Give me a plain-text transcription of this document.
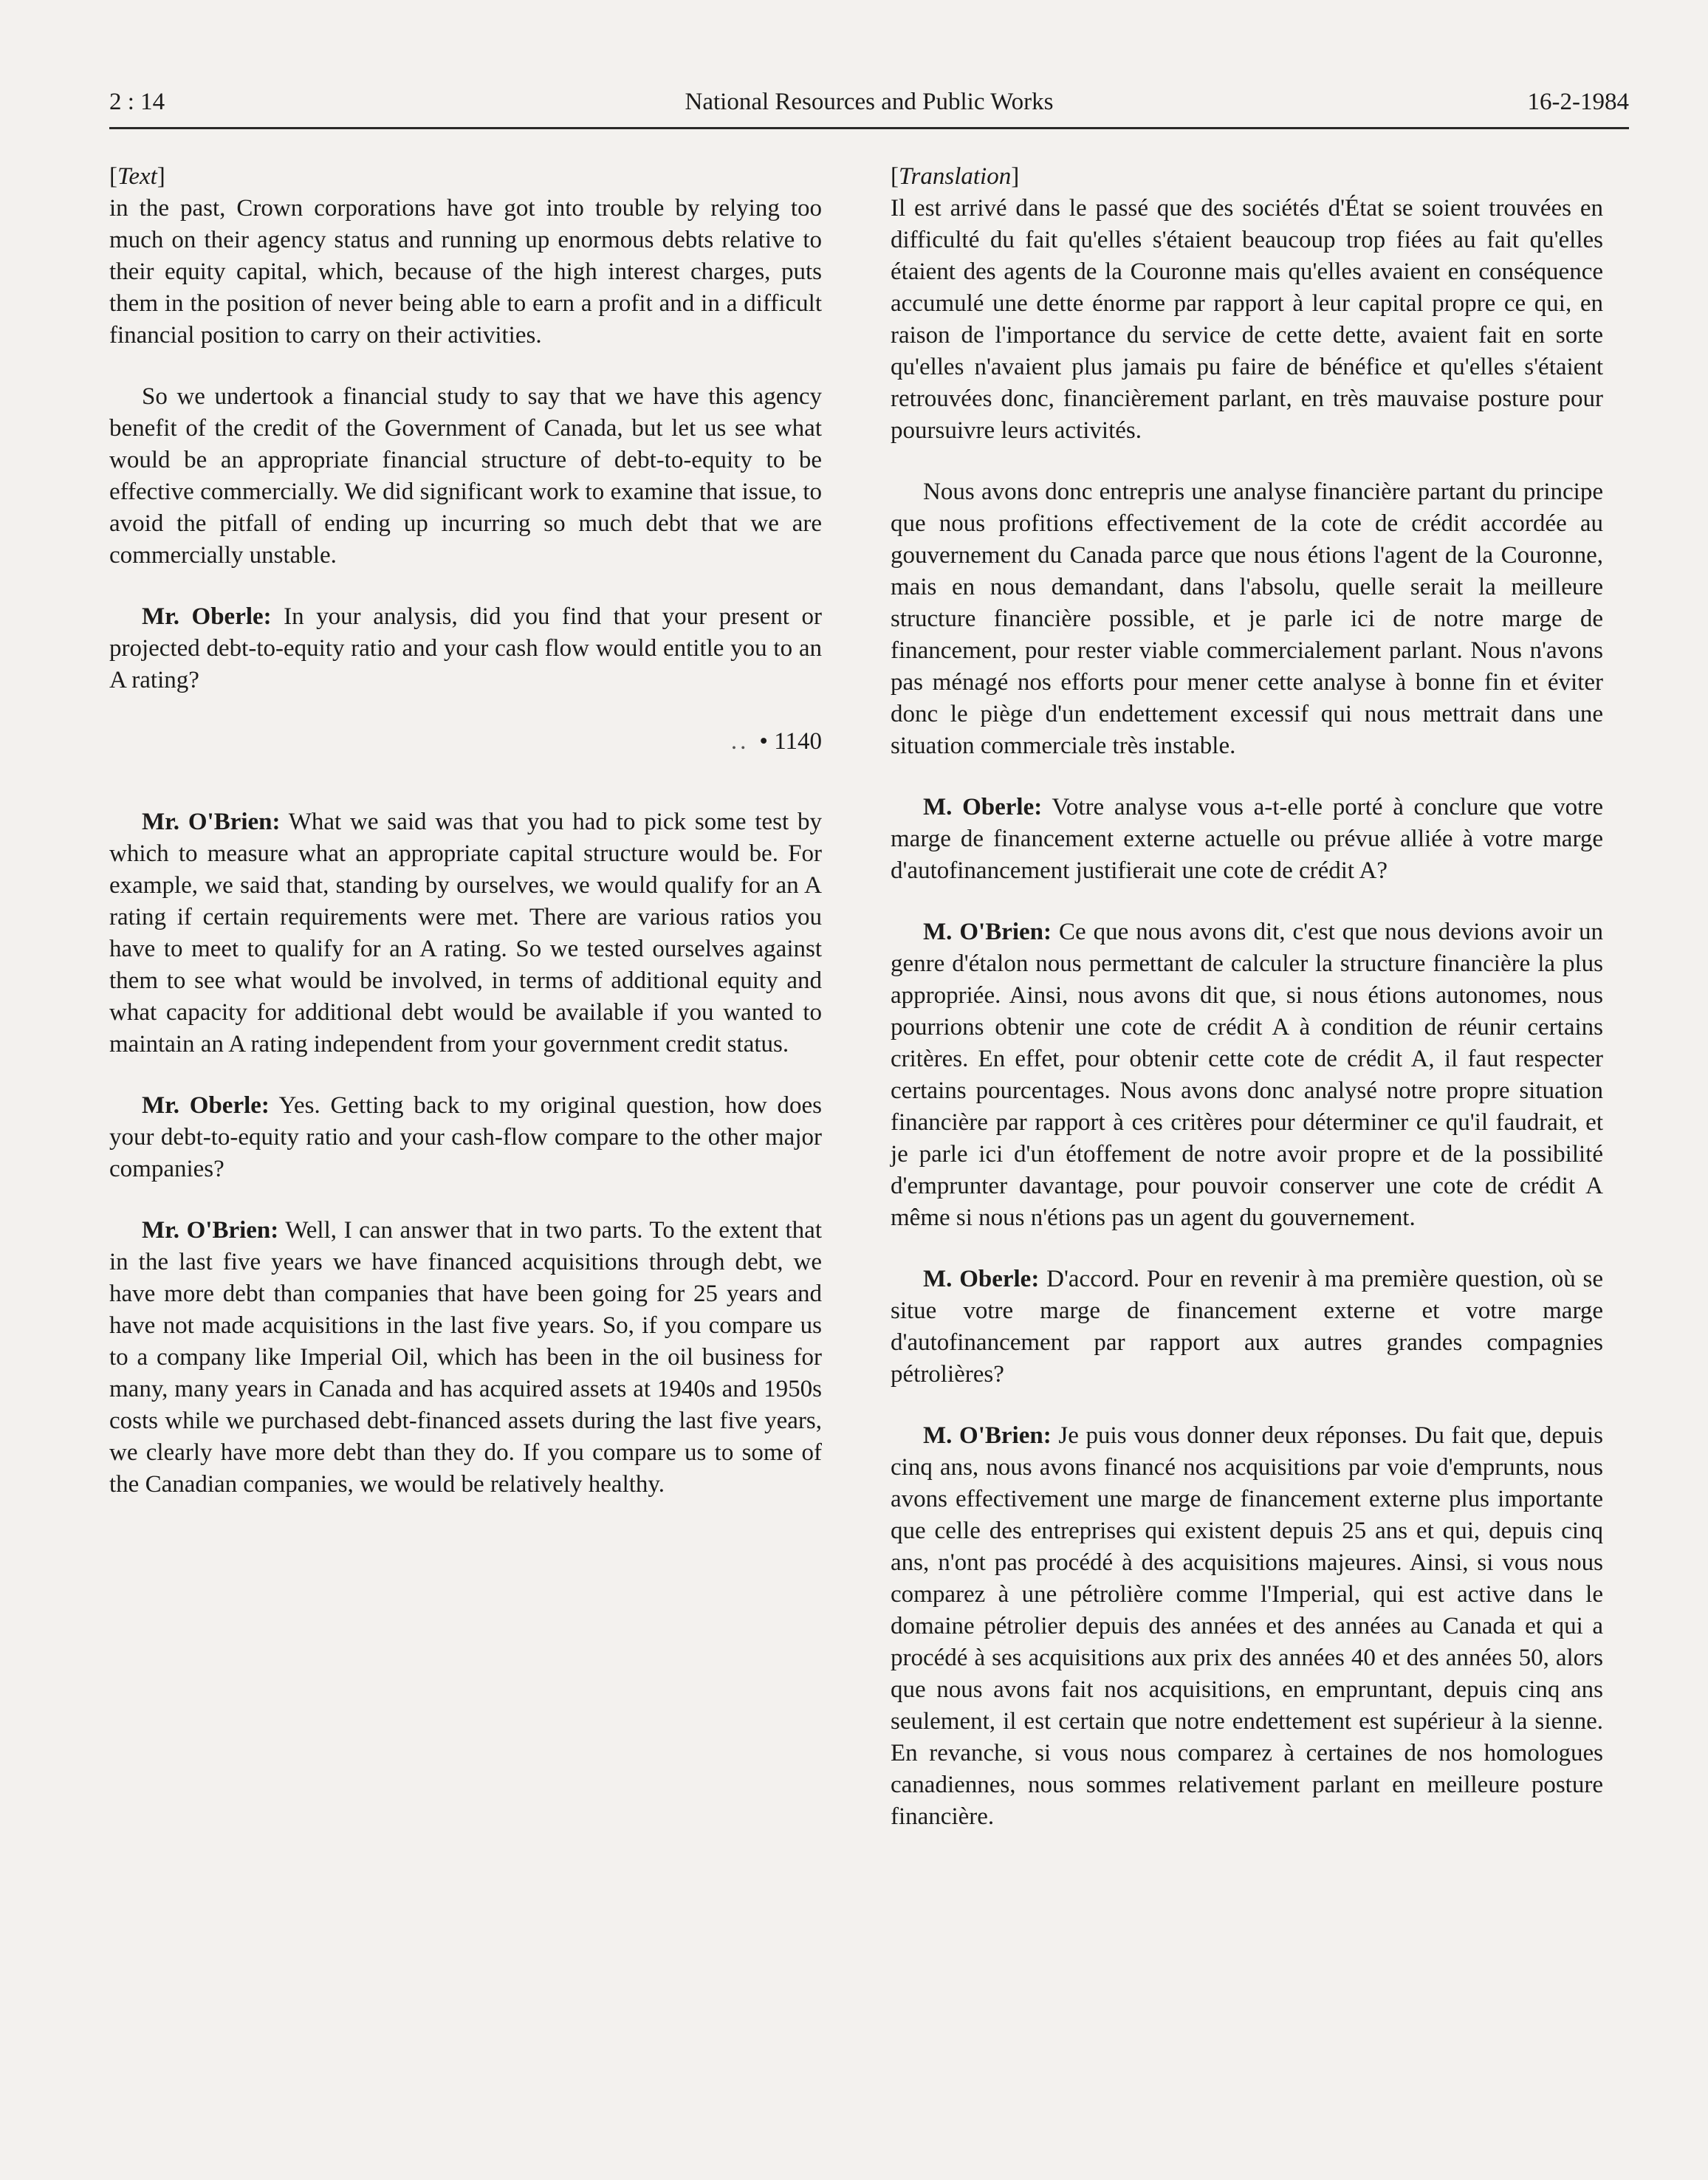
2 : 14	National Resources and Public Works	16-2-1984
[Text]

in the past, Crown corporations have got into trouble by relying too much on their agency status and running up enormous debts relative to their equity capital, which, because of the high interest charges, puts them in the position of never being able to earn a profit and in a difficult financial position to carry on their activities.

So we undertook a financial study to say that we have this agency benefit of the credit of the Government of Canada, but let us see what would be an appropriate financial structure of debt-to-equity to be effective commercially. We did significant work to examine that issue, to avoid the pitfall of ending up incurring so much debt that we are commercially unstable.

Mr. Oberle: In your analysis, did you find that your present or projected debt-to-equity ratio and your cash flow would entitle you to an A rating?

.. • 1140

Mr. O'Brien: What we said was that you had to pick some test by which to measure what an appropriate capital structure would be. For example, we said that, standing by ourselves, we would qualify for an A rating if certain requirements were met. There are various ratios you have to meet to qualify for an A rating. So we tested ourselves against them to see what would be involved, in terms of additional equity and what capacity for additional debt would be available if you wanted to maintain an A rating independent from your government credit status.

Mr. Oberle: Yes. Getting back to my original question, how does your debt-to-equity ratio and your cash-flow compare to the other major companies?

Mr. O'Brien: Well, I can answer that in two parts. To the extent that in the last five years we have financed acquisitions through debt, we have more debt than companies that have been going for 25 years and have not made acquisitions in the last five years. So, if you compare us to a company like Imperial Oil, which has been in the oil business for many, many years in Canada and has acquired assets at 1940s and 1950s costs while we purchased debt-financed assets during the last five years, we clearly have more debt than they do. If you compare us to some of the Canadian companies, we would be relatively healthy.

[Translation]

Il est arrivé dans le passé que des sociétés d'État se soient trouvées en difficulté du fait qu'elles s'étaient beaucoup trop fiées au fait qu'elles étaient des agents de la Couronne mais qu'elles avaient en conséquence accumulé une dette énorme par rapport à leur capital propre ce qui, en raison de l'importance du service de cette dette, avaient fait en sorte qu'elles n'avaient plus jamais pu faire de bénéfice et qu'elles s'étaient retrouvées donc, financièrement parlant, en très mauvaise posture pour poursuivre leurs activités.

Nous avons donc entrepris une analyse financière partant du principe que nous profitions effectivement de la cote de crédit accordée au gouvernement du Canada parce que nous étions l'agent de la Couronne, mais en nous demandant, dans l'absolu, quelle serait la meilleure structure financière possible, et je parle ici de notre marge de financement, pour rester viable commercialement parlant. Nous n'avons pas ménagé nos efforts pour mener cette analyse à bonne fin et éviter donc le piège d'un endettement excessif qui nous mettrait dans une situation commerciale très instable.

M. Oberle: Votre analyse vous a-t-elle porté à conclure que votre marge de financement externe actuelle ou prévue alliée à votre marge d'autofinancement justifierait une cote de crédit A?

M. O'Brien: Ce que nous avons dit, c'est que nous devions avoir un genre d'étalon nous permettant de calculer la structure financière la plus appropriée. Ainsi, nous avons dit que, si nous étions autonomes, nous pourrions obtenir une cote de crédit A à condition de réunir certains critères. En effet, pour obtenir cette cote de crédit A, il faut respecter certains pourcentages. Nous avons donc analysé notre propre situation financière par rapport à ces critères pour déterminer ce qu'il faudrait, et je parle ici d'un étoffement de notre avoir propre et de la possibilité d'emprunter davantage, pour pouvoir conserver une cote de crédit A même si nous n'étions pas un agent du gouvernement.

M. Oberle: D'accord. Pour en revenir à ma première question, où se situe votre marge de financement externe et votre marge d'autofinancement par rapport aux autres grandes compagnies pétrolières?

M. O'Brien: Je puis vous donner deux réponses. Du fait que, depuis cinq ans, nous avons financé nos acquisitions par voie d'emprunts, nous avons effectivement une marge de financement externe plus importante que celle des entreprises qui existent depuis 25 ans et qui, depuis cinq ans, n'ont pas procédé à des acquisitions majeures. Ainsi, si vous nous comparez à une pétrolière comme l'Imperial, qui est active dans le domaine pétrolier depuis des années et des années au Canada et qui a procédé à ses acquisitions aux prix des années 40 et des années 50, alors que nous avons fait nos acquisitions, en empruntant, depuis cinq ans seulement, il est certain que notre endettement est supérieur à la sienne. En revanche, si vous nous comparez à certaines de nos homologues canadiennes, nous sommes relativement parlant en meilleure posture financière.
